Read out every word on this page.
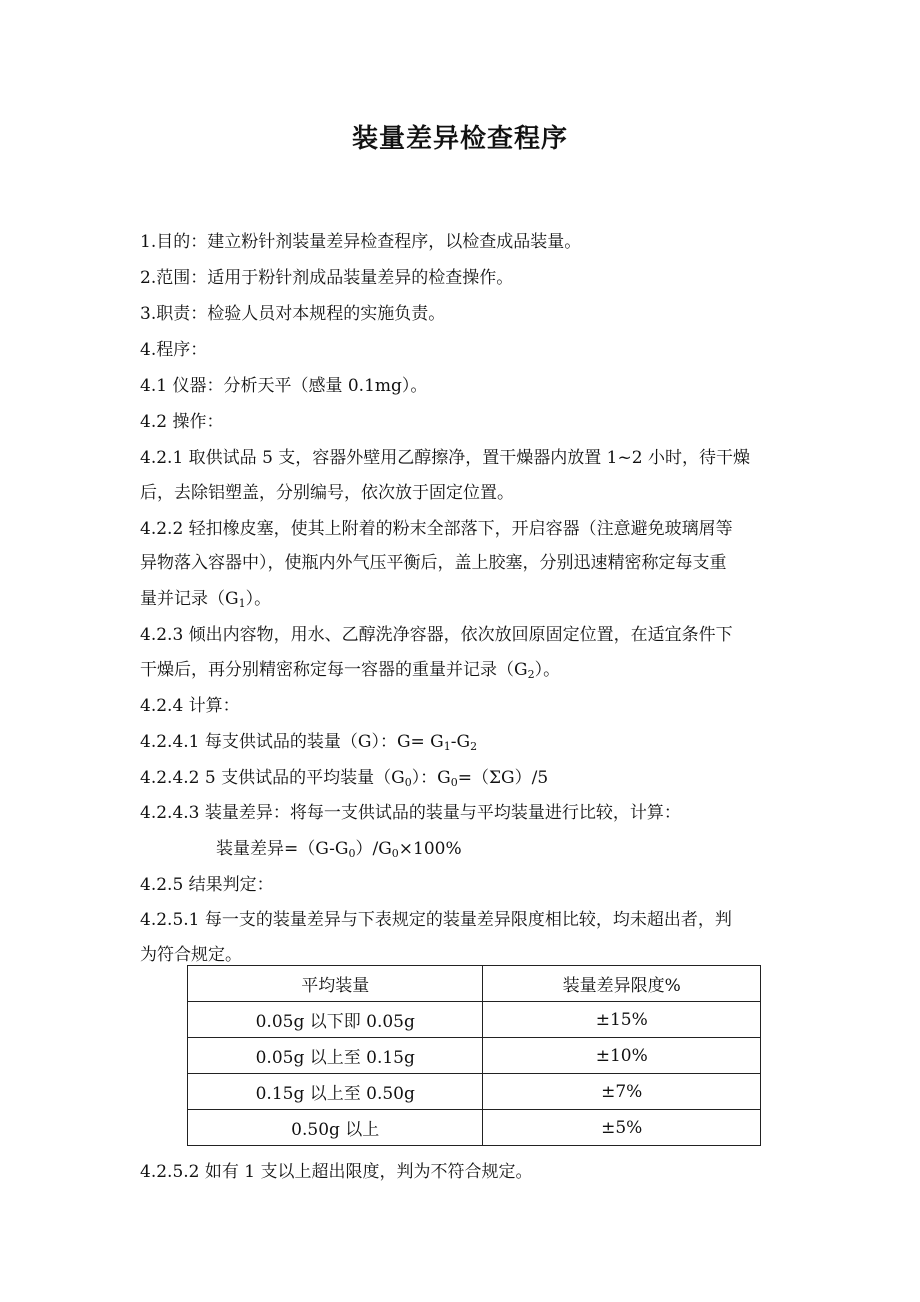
装量差异检查程序
1.目的：建立粉针剂装量差异检查程序，以检查成品装量。
2.范围：适用于粉针剂成品装量差异的检查操作。
3.职责：检验人员对本规程的实施负责。
4.程序：
4.1 仪器：分析天平（感量 0.1mg）。
4.2 操作：
4.2.1 取供试品 5 支，容器外壁用乙醇擦净，置干燥器内放置 1~2 小时，待干燥
后，去除铝塑盖，分别编号，依次放于固定位置。
4.2.2 轻扣橡皮塞，使其上附着的粉末全部落下，开启容器（注意避免玻璃屑等
异物落入容器中），使瓶内外气压平衡后，盖上胶塞，分别迅速精密称定每支重
量并记录$(G_1)$。
4.2.3 倾出内容物，用水、乙醇洗净容器，依次放回原固定位置，在适宜条件下
干燥后，再分别精密称定每一容器的重量并记录$(G_2)$。
4.2.4 计算：
4.2.4.1 每支供试品的装量（G）：$G= G_1-G_2$
4.2.4.2 5 支供试品的平均装量$(G_0)$：$G_0=(\Sigma G)/5$
4.2.4.3 装量差异：将每一支供试品的装量与平均装量进行比较，计算：
装量差异$=(G-G_0)/G_0\times 100\%$
4.2.5 结果判定：
4.2.5.1 每一支的装量差异与下表规定的装量差异限度相比较，均未超出者，判
为符合规定。
平均装量	装量差异限度%
0.05g 以下即 0.05g	±15%
0.05g 以上至 0.15g	±10%
0.15g 以上至 0.50g	±7%
0.50g 以上	±5%
4.2.5.2 如有 1 支以上超出限度，判为不符合规定。
